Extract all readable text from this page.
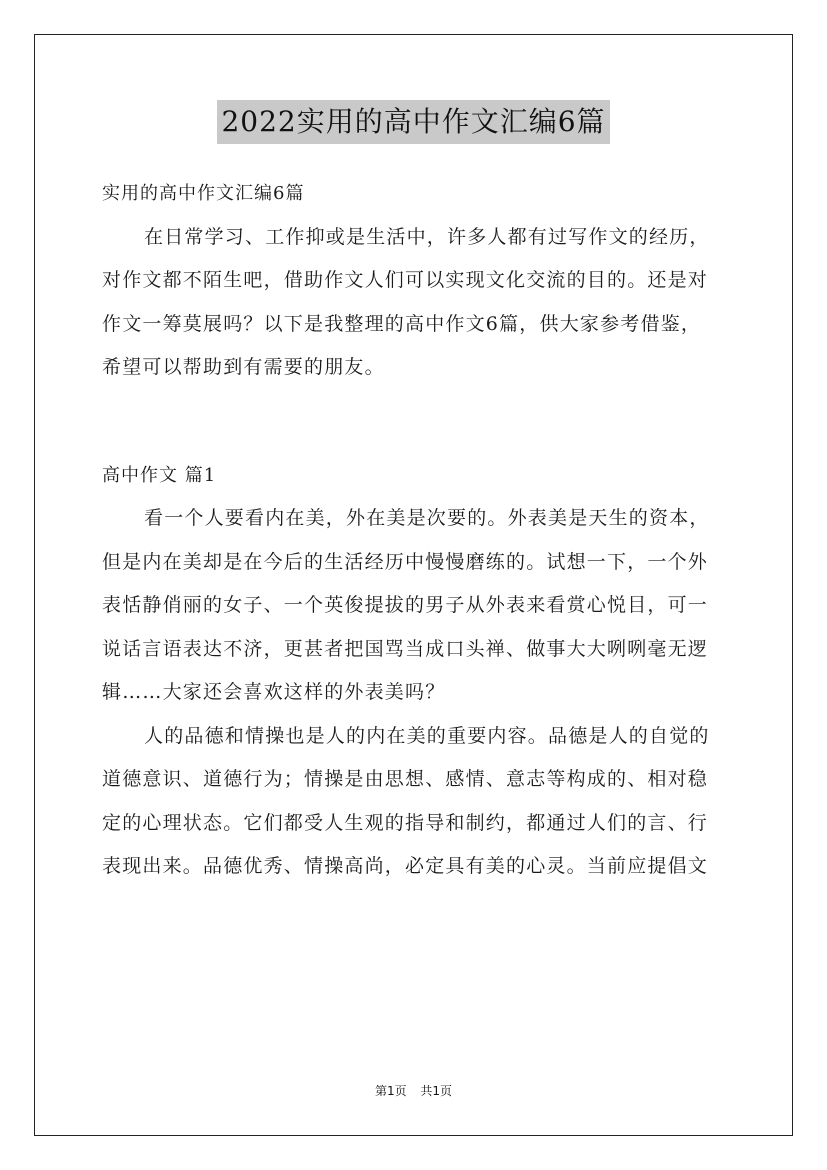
2022实用的高中作文汇编6篇
实用的高中作文汇编6篇
在日常学习、工作抑或是生活中，许多人都有过写作文的经历，
对作文都不陌生吧，借助作文人们可以实现文化交流的目的。还是对
作文一筹莫展吗？以下是我整理的高中作文6篇，供大家参考借鉴，
希望可以帮助到有需要的朋友。
高中作文 篇1
看一个人要看内在美，外在美是次要的。外表美是天生的资本，
但是内在美却是在今后的生活经历中慢慢磨练的。试想一下，一个外
表恬静俏丽的女子、一个英俊提拔的男子从外表来看赏心悦目，可一
说话言语表达不济，更甚者把国骂当成口头禅、做事大大咧咧毫无逻
辑……大家还会喜欢这样的外表美吗？
人的品德和情操也是人的内在美的重要内容。品德是人的自觉的
道德意识、道德行为；情操是由思想、感情、意志等构成的、相对稳
定的心理状态。它们都受人生观的指导和制约，都通过人们的言、行
表现出来。品德优秀、情操高尚，必定具有美的心灵。当前应提倡文
第1页 共1页
